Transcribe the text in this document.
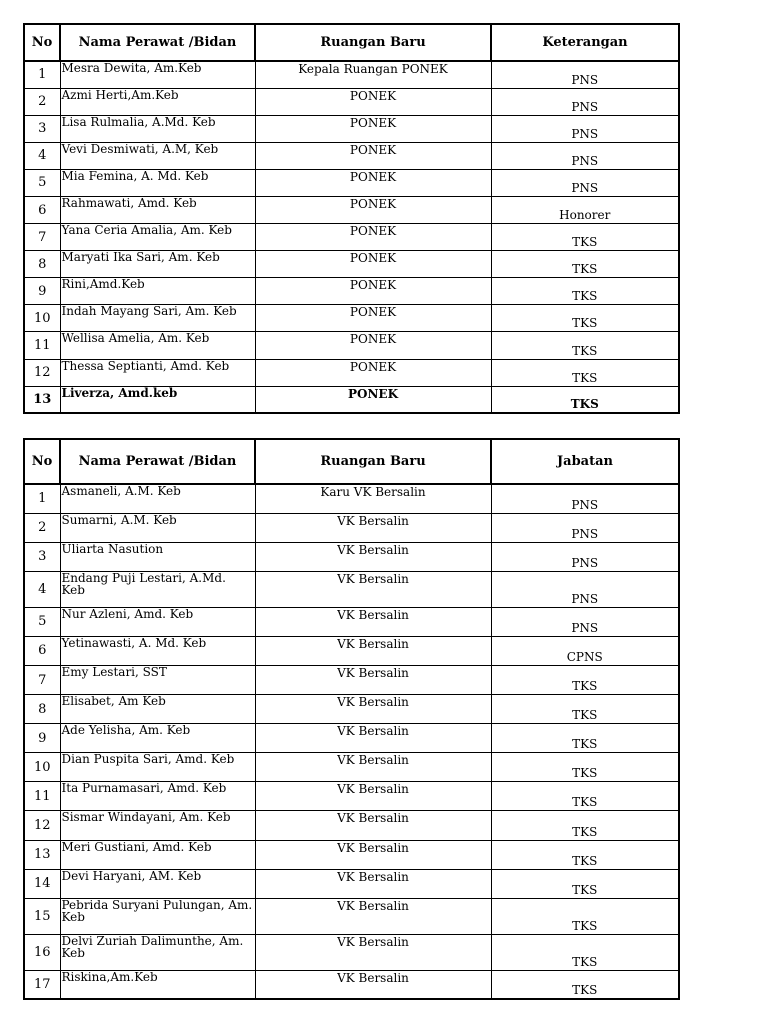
No	Nama Perawat /Bidan	Ruangan Baru	Keterangan
1	Mesra Dewita, Am.Keb	Kepala Ruangan PONEK	PNS
2	Azmi Herti,Am.Keb	PONEK	PNS
3	Lisa Rulmalia, A.Md. Keb	PONEK	PNS
4	Vevi Desmiwati, A.M, Keb	PONEK	PNS
5	Mia Femina, A. Md. Keb	PONEK	PNS
6	Rahmawati, Amd. Keb	PONEK	Honorer
7	Yana Ceria Amalia, Am. Keb	PONEK	TKS
8	Maryati Ika Sari, Am. Keb	PONEK	TKS
9	Rini,Amd.Keb	PONEK	TKS
10	Indah Mayang Sari, Am. Keb	PONEK	TKS
11	Wellisa Amelia, Am. Keb	PONEK	TKS
12	Thessa Septianti, Amd. Keb	PONEK	TKS
13	Liverza, Amd.keb	PONEK	TKS
No	Nama Perawat /Bidan	Ruangan Baru	Jabatan
1	Asmaneli, A.M. Keb	Karu VK Bersalin	PNS
2	Sumarni, A.M. Keb	VK Bersalin	PNS
3	Uliarta Nasution	VK Bersalin	PNS
4	Endang Puji Lestari, A.Md. Keb	VK Bersalin	PNS
5	Nur Azleni, Amd. Keb	VK Bersalin	PNS
6	Yetinawasti, A. Md. Keb	VK Bersalin	CPNS
7	Emy Lestari, SST	VK Bersalin	TKS
8	Elisabet, Am Keb	VK Bersalin	TKS
9	Ade Yelisha, Am. Keb	VK Bersalin	TKS
10	Dian Puspita Sari, Amd. Keb	VK Bersalin	TKS
11	Ita Purnamasari, Amd. Keb	VK Bersalin	TKS
12	Sismar Windayani, Am. Keb	VK Bersalin	TKS
13	Meri Gustiani, Amd. Keb	VK Bersalin	TKS
14	Devi Haryani, AM. Keb	VK Bersalin	TKS
15	Pebrida Suryani Pulungan, Am. Keb	VK Bersalin	TKS
16	Delvi Zuriah Dalimunthe, Am. Keb	VK Bersalin	TKS
17	Riskina,Am.Keb	VK Bersalin	TKS
